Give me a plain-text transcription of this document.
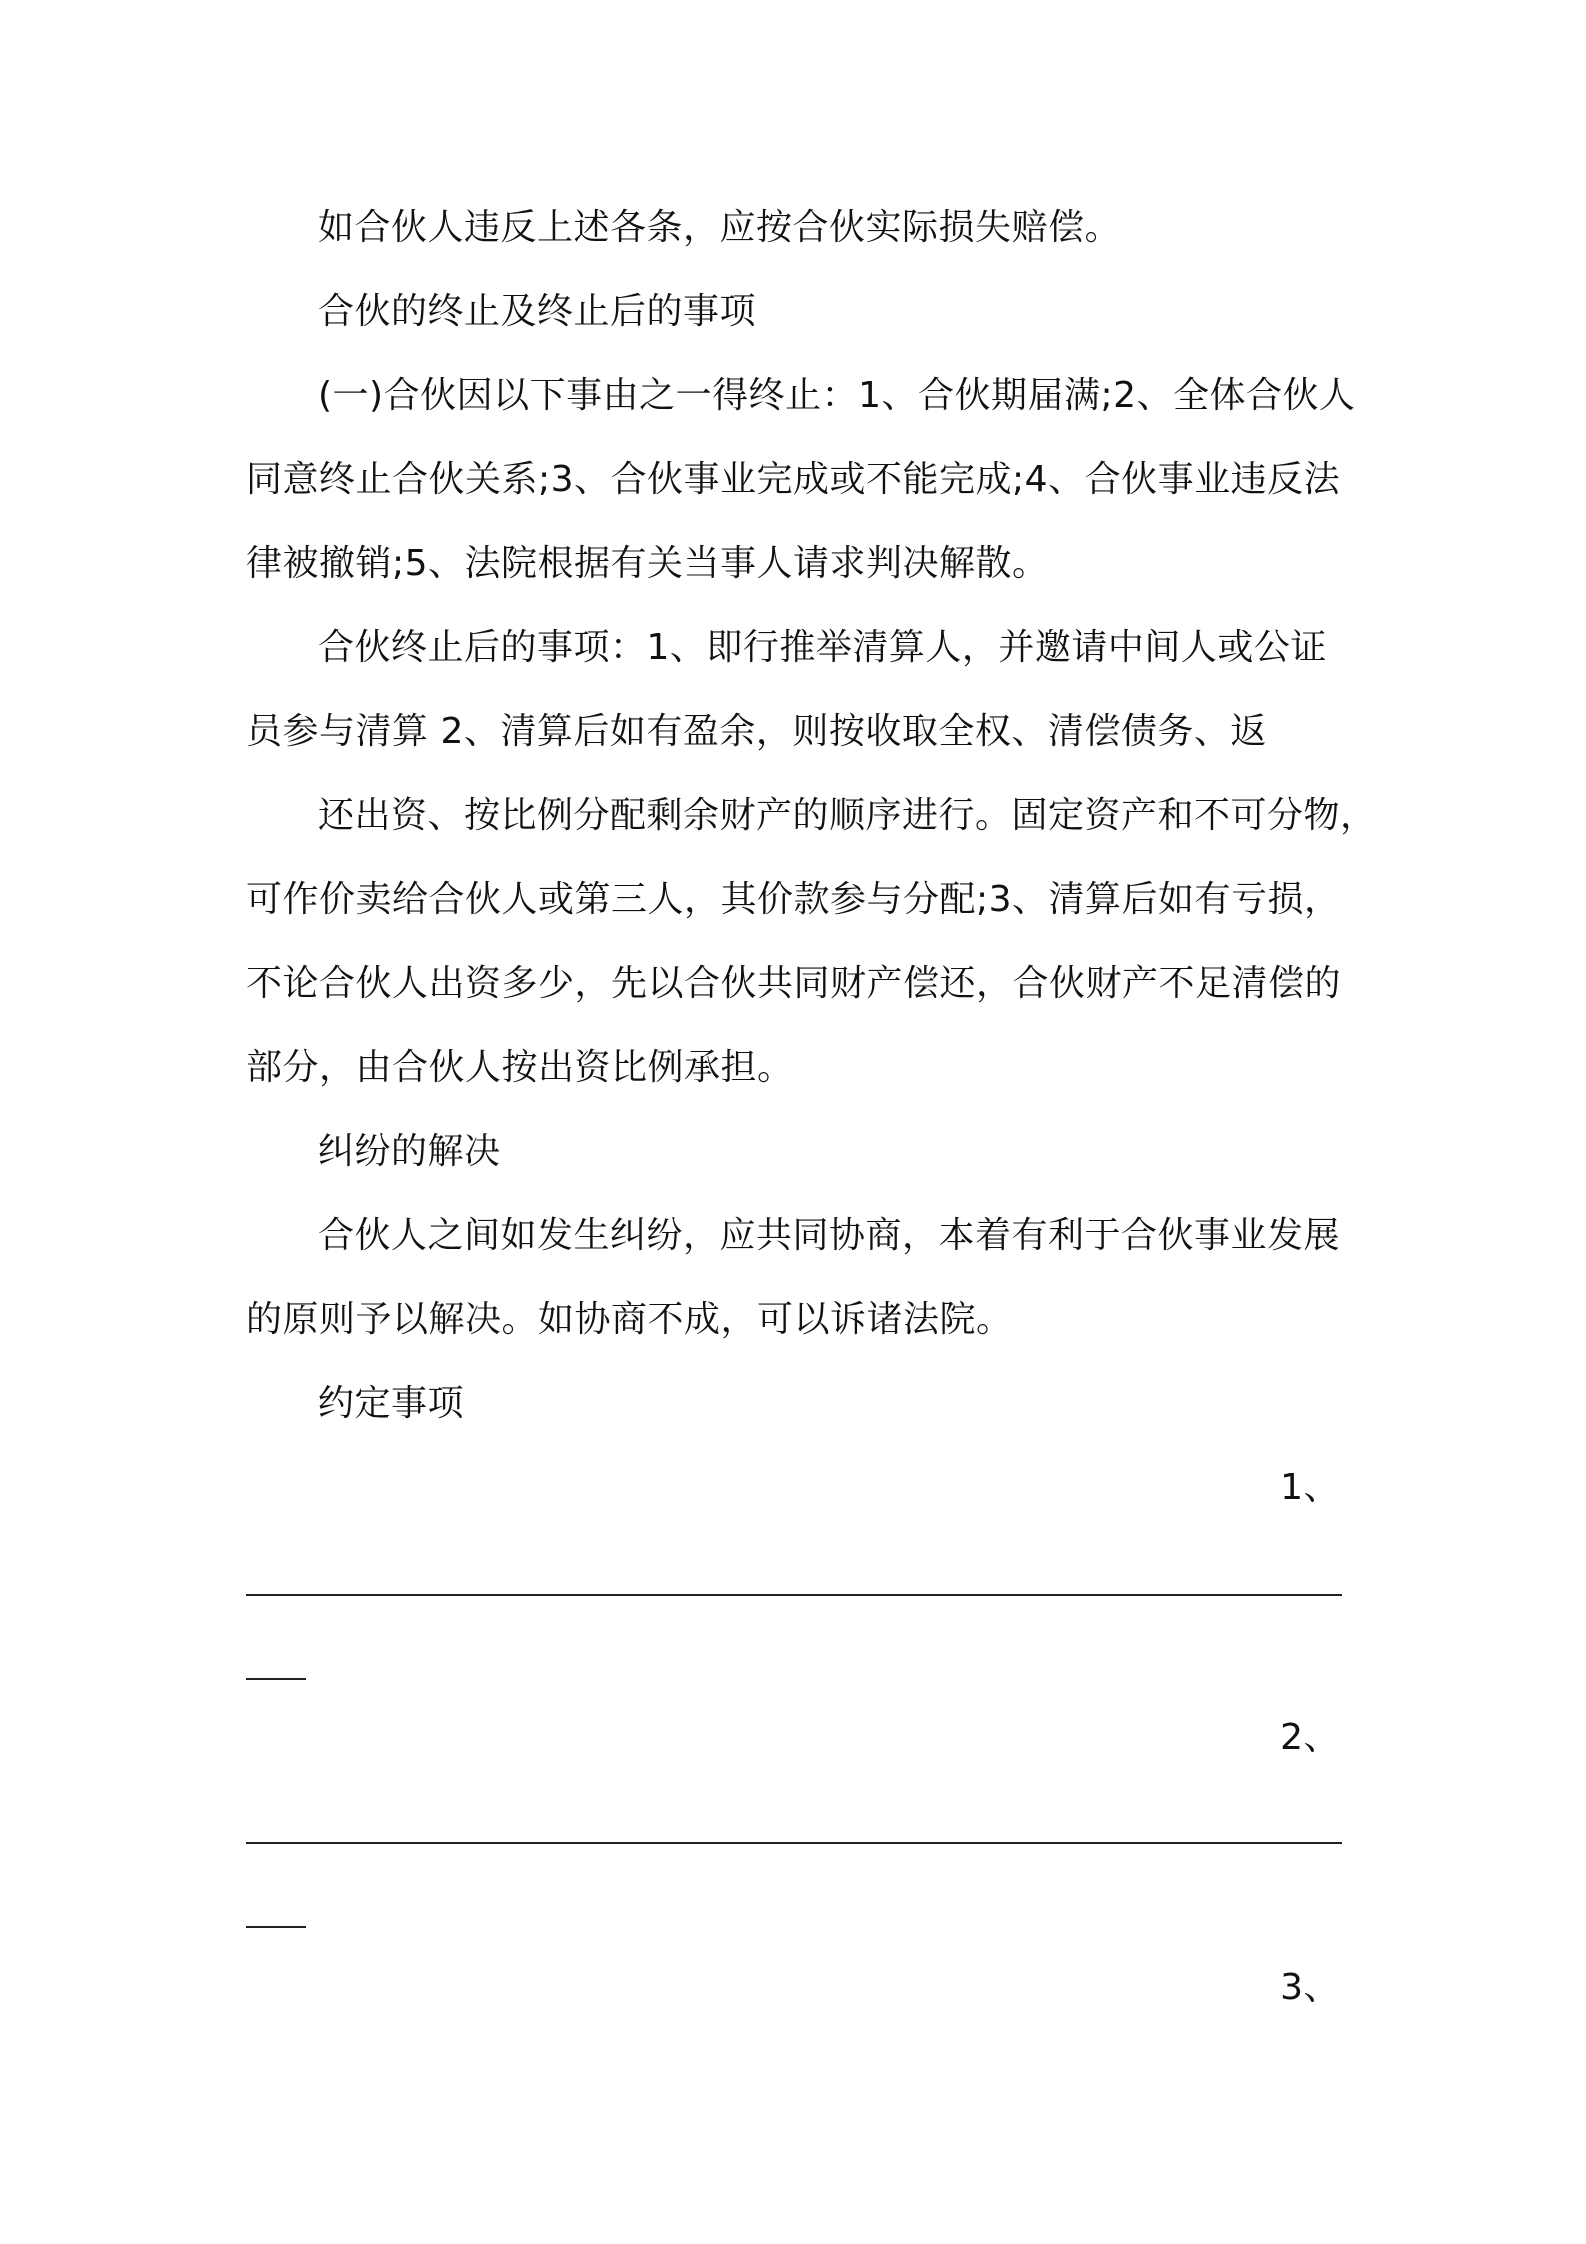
如合伙人违反上述各条，应按合伙实际损失赔偿。
合伙的终止及终止后的事项
(一)合伙因以下事由之一得终止：1、合伙期届满;2、全体合伙人
同意终止合伙关系;3、合伙事业完成或不能完成;4、合伙事业违反法
律被撤销;5、法院根据有关当事人请求判决解散。
合伙终止后的事项：1、即行推举清算人，并邀请中间人或公证
员参与清算 2、清算后如有盈余，则按收取全权、清偿债务、返
还出资、按比例分配剩余财产的顺序进行。固定资产和不可分物，
可作价卖给合伙人或第三人，其价款参与分配;3、清算后如有亏损，
不论合伙人出资多少，先以合伙共同财产偿还，合伙财产不足清偿的
部分，由合伙人按出资比例承担。
纠纷的解决
合伙人之间如发生纠纷，应共同协商，本着有利于合伙事业发展
的原则予以解决。如协商不成，可以诉诸法院。
约定事项
1、
2、
3、
